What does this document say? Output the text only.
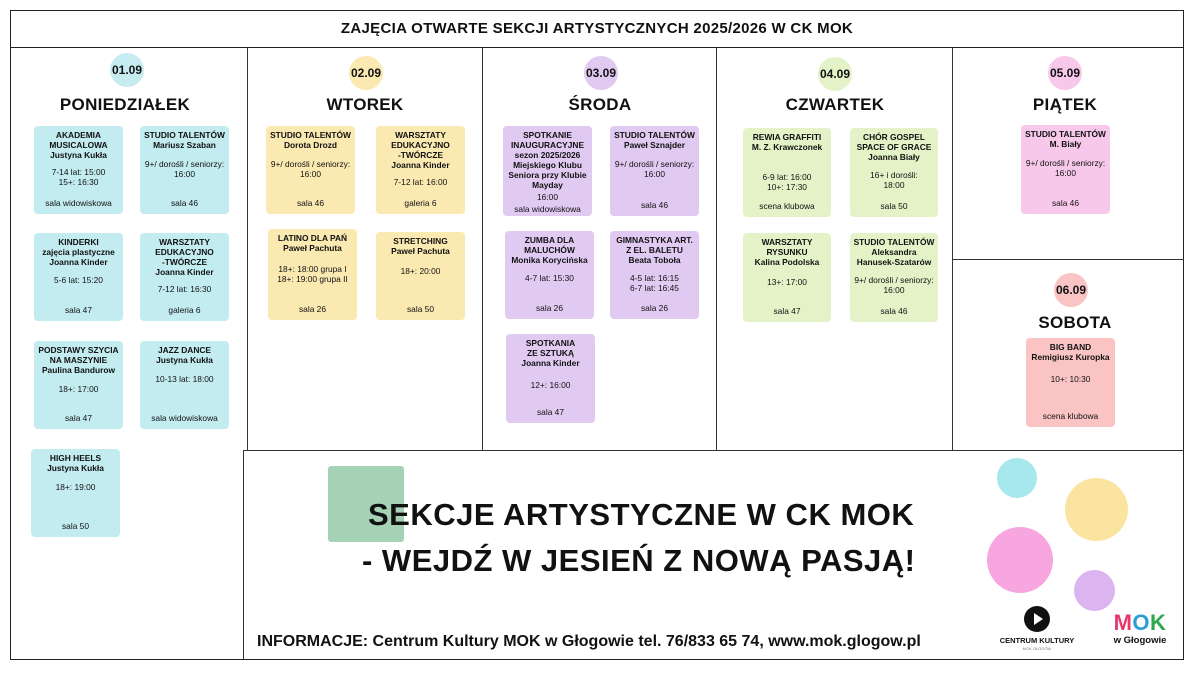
ZAJĘCIA OTWARTE SEKCJI ARTYSTYCZNYCH 2025/2026 W CK MOK
01.09
PONIEDZIAŁEK
02.09
WTOREK
03.09
ŚRODA
04.09
CZWARTEK
05.09
PIĄTEK
06.09
SOBOTA
AKADEMIA
MUSICALOWA
Justyna Kukła
7-14 lat: 15:00
15+: 16:30
sala widowiskowa
STUDIO TALENTÓW
Mariusz Szaban
9+/ dorośli / seniorzy:
16:00
sala 46
KINDERKI
zajęcia plastyczne
Joanna Kinder
5-6 lat: 15:20
sala 47
WARSZTATY
EDUKACYJNO
-TWÓRCZE
Joanna Kinder
7-12 lat: 16:30
galeria 6
PODSTAWY SZYCIA
NA MASZYNIE
Paulina Bandurow
18+: 17:00
sala 47
JAZZ DANCE
Justyna Kukła
10-13 lat: 18:00
sala widowiskowa
HIGH HEELS
Justyna Kukła
18+: 19:00
sala 50
STUDIO TALENTÓW
Dorota Drozd
9+/ dorośli / seniorzy:
16:00
sala 46
WARSZTATY
EDUKACYJNO
-TWÓRCZE
Joanna Kinder
7-12 lat: 16:00
galeria 6
LATINO DLA PAŃ
Paweł Pachuta
18+: 18:00 grupa I
18+: 19:00 grupa II
sala 26
STRETCHING
Paweł Pachuta
18+: 20:00
sala 50
SPOTKANIE
INAUGURACYJNE
sezon 2025/2026
Miejskiego Klubu
Seniora przy Klubie
Mayday
16:00
sala widowiskowa
STUDIO TALENTÓW
Paweł Sznajder
9+/ dorośli / seniorzy:
16:00
sala 46
ZUMBA DLA
MALUCHÓW
Monika Korycińska
4-7 lat: 15:30
sala 26
GIMNASTYKA ART.
Z EL. BALETU
Beata Toboła
4-5 lat: 16:15
6-7 lat: 16:45
sala 26
SPOTKANIA
ZE SZTUKĄ
Joanna Kinder
12+: 16:00
sala 47
REWIA GRAFFITI
M. Z. Krawczonek
6-9 lat: 16:00
10+: 17:30
scena klubowa
CHÓR GOSPEL
SPACE OF GRACE
Joanna Biały
16+ i dorośli:
18:00
sala 50
WARSZTATY
RYSUNKU
Kalina Podolska
13+: 17:00
sala 47
STUDIO TALENTÓW
Aleksandra
Hanusek-Szatarów
9+/ dorośli / seniorzy:
16:00
sala 46
STUDIO TALENTÓW
M. Biały
9+/ dorośli / seniorzy:
16:00
sala 46
BIG BAND
Remigiusz Kuropka
10+: 10:30
scena klubowa
SEKCJE ARTYSTYCZNE W CK MOK
- WEJDŹ W JESIEŃ Z NOWĄ PASJĄ!
INFORMACJE: Centrum Kultury MOK w Głogowie tel. 76/833 65 74, www.mok.glogow.pl	CENTRUM KULTURY
MOK GŁOGÓW
MOK
w Głogowie
